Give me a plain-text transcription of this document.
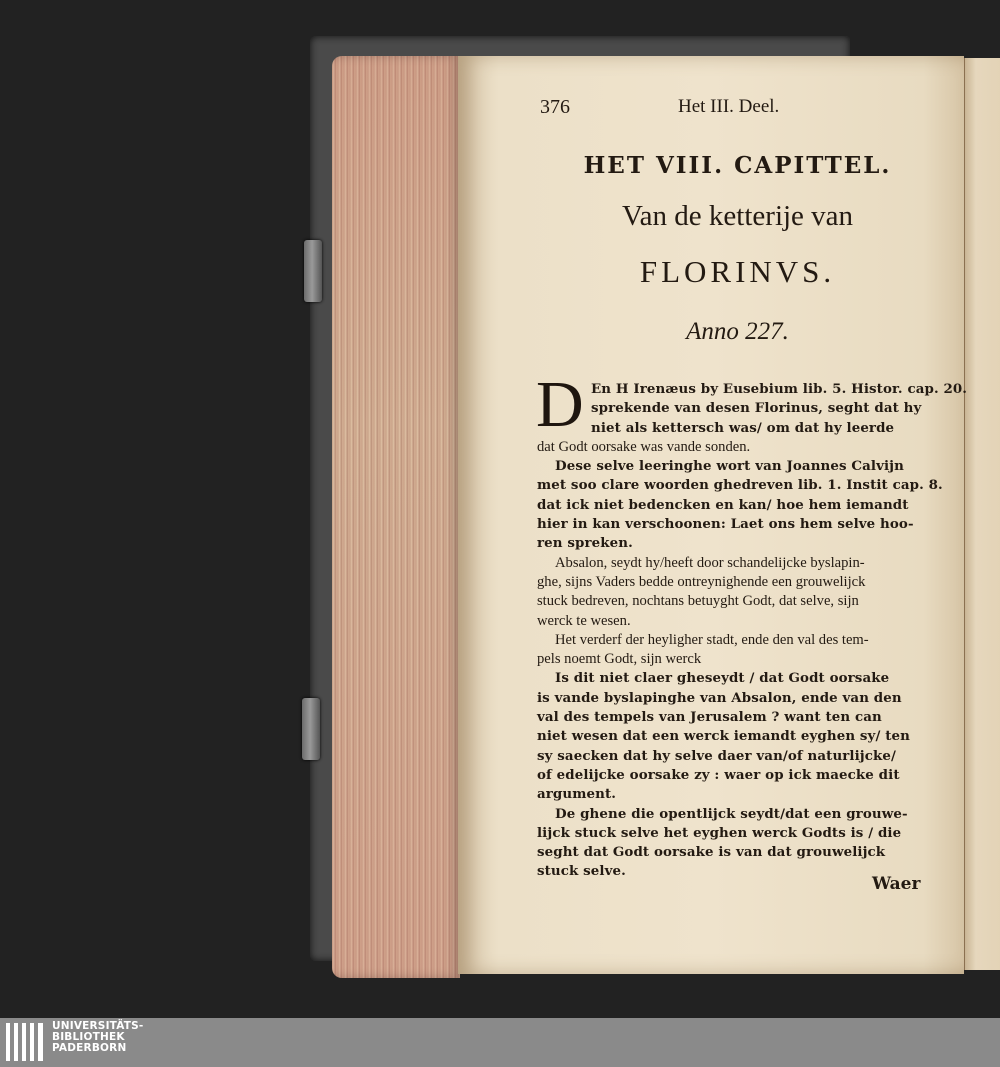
376	Het III. Deel.
HET VIII. CAPITTEL.
Van de ketterije van
FLORINVS.
Anno 227.
D En H Irenæus by Eusebium lib. 5. Histor. cap. 20.
sprekende van desen Florinus, seght dat hy
niet als kettersch was/ om dat hy leerde
dat Godt oorsake was vande sonden.
Dese selve leeringhe wort van Joannes Calvijn
met soo clare woorden ghedreven lib. 1. Instit cap. 8.
dat ick niet bedencken en kan/ hoe hem iemandt
hier in kan verschoonen: Laet ons hem selve hoo-
ren spreken.
Absalon, seydt hy/heeft door schandelijcke byslapin-
ghe, sijns Vaders bedde ontreynighende een grouwelijck
stuck bedreven, nochtans betuyght Godt, dat selve, sijn
werck te wesen.
Het verderf der heyligher stadt, ende den val des tem-
pels noemt Godt, sijn werck
Is dit niet claer gheseydt / dat Godt oorsake
is vande byslapinghe van Absalon, ende van den
val des tempels van Jerusalem ? want ten can
niet wesen dat een werck iemandt eyghen sy/ ten
sy saecken dat hy selve daer van/of naturlijcke/
of edelijcke oorsake zy : waer op ick maecke dit
argument.
De ghene die opentlijck seydt/dat een grouwe-
lijck stuck selve het eyghen werck Godts is / die
seght dat Godt oorsake is van dat grouwelijck
stuck selve.
Waer
UNIVERSITÄTS-
BIBLIOTHEK
PADERBORN
